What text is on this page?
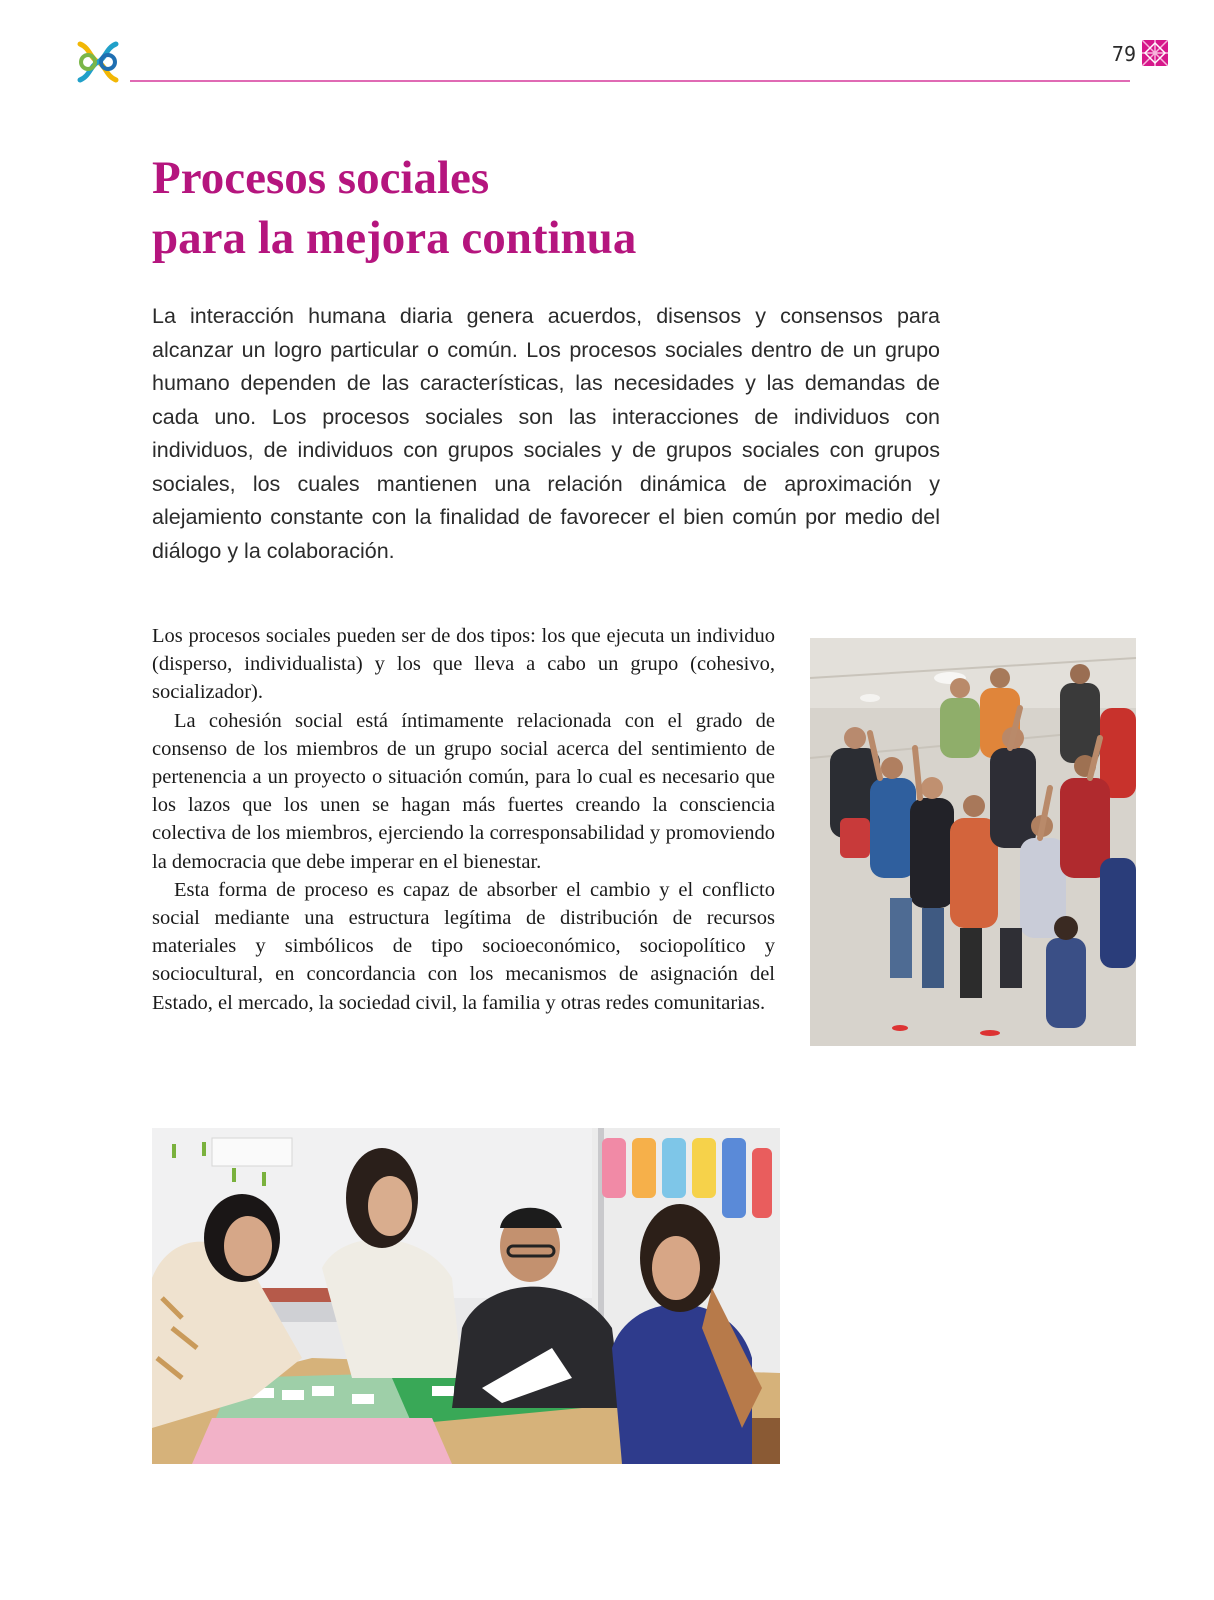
79
Procesos sociales
para la mejora continua

La interacción humana diaria genera acuerdos, disensos y consensos para alcanzar un logro particular o común. Los procesos sociales dentro de un grupo humano dependen de las características, las necesidades y las demandas de cada uno. Los procesos sociales son las interacciones de individuos con individuos, de individuos con grupos sociales y de grupos sociales con grupos sociales, los cuales mantienen una relación dinámica de aproximación y alejamiento constante con la finalidad de favorecer el bien común por medio del diálogo y la colaboración.

Los procesos sociales pueden ser de dos tipos: los que ejecuta un individuo (disperso, individualista) y los que lleva a cabo un grupo (cohesivo, socializador).

La cohesión social está íntimamente relacionada con el grado de consenso de los miembros de un grupo social acerca del sentimiento de pertenencia a un proyecto o situación común, para lo cual es necesario que los lazos que los unen se hagan más fuertes creando la consciencia colectiva de los miembros, ejerciendo la corresponsabilidad y promoviendo la democracia que debe imperar en el bienestar.

Esta forma de proceso es capaz de absorber el cambio y el conflicto social mediante una estructura legítima de distribución de recursos materiales y simbólicos de tipo socioeconómico, sociopolítico y sociocultural, en concordancia con los mecanismos de asignación del Estado, el mercado, la sociedad civil, la familia y otras redes comunitarias.
